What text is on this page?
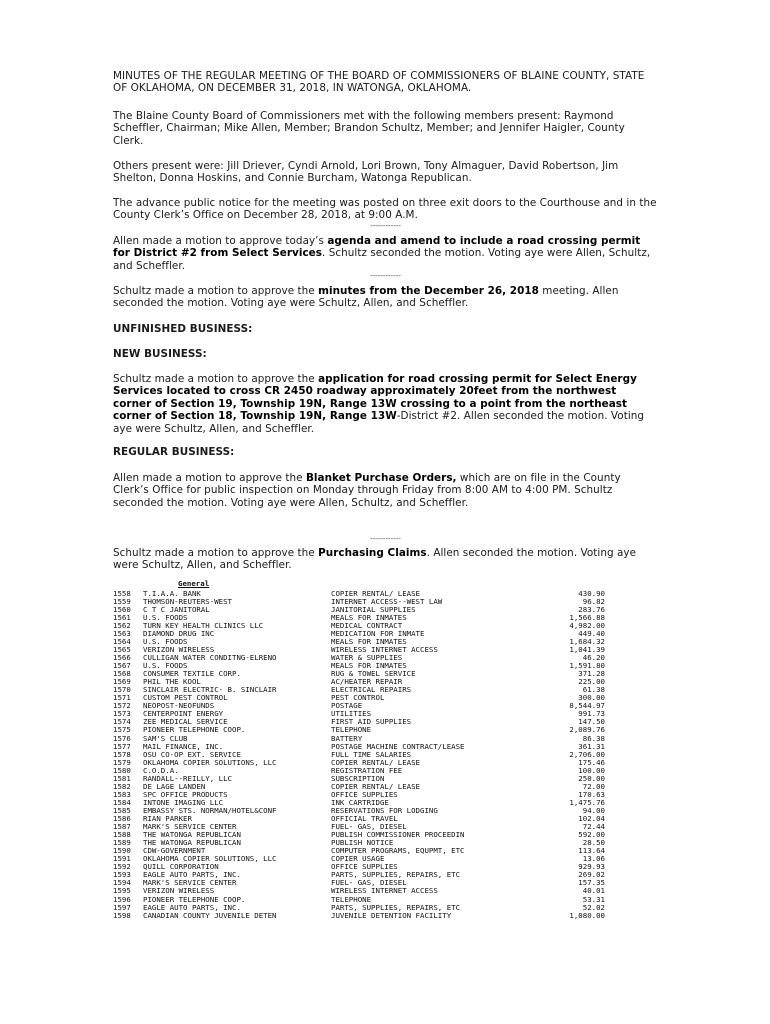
MINUTES OF THE REGULAR MEETING OF THE BOARD OF COMMISSIONERS OF BLAINE COUNTY, STATE OF OKLAHOMA, ON DECEMBER 31, 2018, IN WATONGA, OKLAHOMA.

The Blaine County Board of Commissioners met with the following members present: Raymond Scheffler, Chairman; Mike Allen, Member; Brandon Schultz, Member; and Jennifer Haigler, County Clerk.

Others present were: Jill Driever, Cyndi Arnold, Lori Brown, Tony Almaguer, David Robertson, Jim Shelton, Donna Hoskins, and Connie Burcham, Watonga Republican.

The advance public notice for the meeting was posted on three exit doors to the Courthouse and in the County Clerk’s Office on December 28, 2018, at 9:00 A.M.

------------

Allen made a motion to approve today’s agenda and amend to include a road crossing permit for District #2 from Select Services. Schultz seconded the motion. Voting aye were Allen, Schultz, and Scheffler.

------------

Schultz made a motion to approve the minutes from the December 26, 2018 meeting. Allen seconded the motion. Voting aye were Schultz, Allen, and Scheffler.

UNFINISHED BUSINESS:

NEW BUSINESS:

Schultz made a motion to approve the application for road crossing permit for Select Energy Services located to cross CR 2450 roadway approximately 20feet from the northwest corner of Section 19, Township 19N, Range 13W crossing to a point from the northeast corner of Section 18, Township 19N, Range 13W-District #2. Allen seconded the motion. Voting aye were Schultz, Allen, and Scheffler.

REGULAR BUSINESS:

Allen made a motion to approve the Blanket Purchase Orders, which are on file in the County Clerk’s Office for public inspection on Monday through Friday from 8:00 AM to 4:00 PM. Schultz seconded the motion. Voting aye were Allen, Schultz, and Scheffler.

------------

Schultz made a motion to approve the Purchasing Claims. Allen seconded the motion. Voting aye were Schultz, Allen, and Scheffler.

General
1558	T.I.A.A. BANK	COPIER RENTAL/ LEASE	430.90
1559	THOMSON-REUTERS-WEST	INTERNET ACCESS--WEST LAW	96.82
1560	C T C JANITORAL	JANITORIAL SUPPLIES	283.76
1561	U.S. FOODS	MEALS FOR INMATES	1,566.88
1562	TURN KEY HEALTH CLINICS LLC	MEDICAL CONTRACT	4,982.00
1563	DIAMOND DRUG INC	MEDICATION FOR INMATE	449.40
1564	U.S. FOODS	MEALS FOR INMATES	1,684.32
1565	VERIZON WIRELESS	WIRELESS INTERNET ACCESS	1,041.39
1566	CULLIGAN WATER CONDITNG-ELRENO	WATER & SUPPLIES	46.20
1567	U.S. FOODS	MEALS FOR INMATES	1,591.80
1568	CONSUMER TEXTILE CORP.	RUG & TOWEL SERVICE	371.28
1569	PHIL THE KOOL	AC/HEATER REPAIR	225.00
1570	SINCLAIR ELECTRIC- B. SINCLAIR	ELECTRICAL REPAIRS	61.38
1571	CUSTOM PEST CONTROL	PEST CONTROL	300.00
1572	NEOPOST-NEOFUNDS	POSTAGE	8,544.97
1573	CENTERPOINT ENERGY	UTILITIES	991.73
1574	ZEE MEDICAL SERVICE	FIRST AID SUPPLIES	147.50
1575	PIONEER TELEPHONE COOP.	TELEPHONE	2,089.76
1576	SAM'S CLUB	BATTERY	86.38
1577	MAIL FINANCE, INC.	POSTAGE MACHINE CONTRACT/LEASE	361.31
1578	OSU CO-OP EXT. SERVICE	FULL TIME SALARIES	2,706.00
1579	OKLAHOMA COPIER SOLUTIONS, LLC	COPIER RENTAL/ LEASE	175.46
1580	C.O.D.A.	REGISTRATION FEE	100.00
1581	RANDALL--REILLY, LLC	SUBSCRIPTION	250.00
1582	DE LAGE LANDEN	COPIER RENTAL/ LEASE	72.00
1583	SPC OFFICE PRODUCTS	OFFICE SUPPLIES	170.63
1584	INTONE IMAGING LLC	INK CARTRIDGE	1,475.76
1585	EMBASSY STS. NORMAN/HOTEL&CONF	RESERVATIONS FOR LODGING	94.00
1586	RIAN PARKER	OFFICIAL TRAVEL	102.04
1587	MARK'S SERVICE CENTER	FUEL- GAS, DIESEL	72.44
1588	THE WATONGA REPUBLICAN	PUBLISH COMMISSIONER PROCEEDIN	592.00
1589	THE WATONGA REPUBLICAN	PUBLISH NOTICE	28.50
1590	CDW-GOVERNMENT	COMPUTER PROGRAMS, EQUPMT, ETC	113.64
1591	OKLAHOMA COPIER SOLUTIONS, LLC	COPIER USAGE	13.06
1592	QUILL CORPORATION	OFFICE SUPPLIES	929.93
1593	EAGLE AUTO PARTS, INC.	PARTS, SUPPLIES, REPAIRS, ETC	269.02
1594	MARK'S SERVICE CENTER	FUEL- GAS, DIESEL	157.35
1595	VERIZON WIRELESS	WIRELESS INTERNET ACCESS	40.01
1596	PIONEER TELEPHONE COOP.	TELEPHONE	53.31
1597	EAGLE AUTO PARTS, INC.	PARTS, SUPPLIES, REPAIRS, ETC	52.02
1598	CANADIAN COUNTY JUVENILE DETEN	JUVENILE DETENTION FACILITY	1,080.00
